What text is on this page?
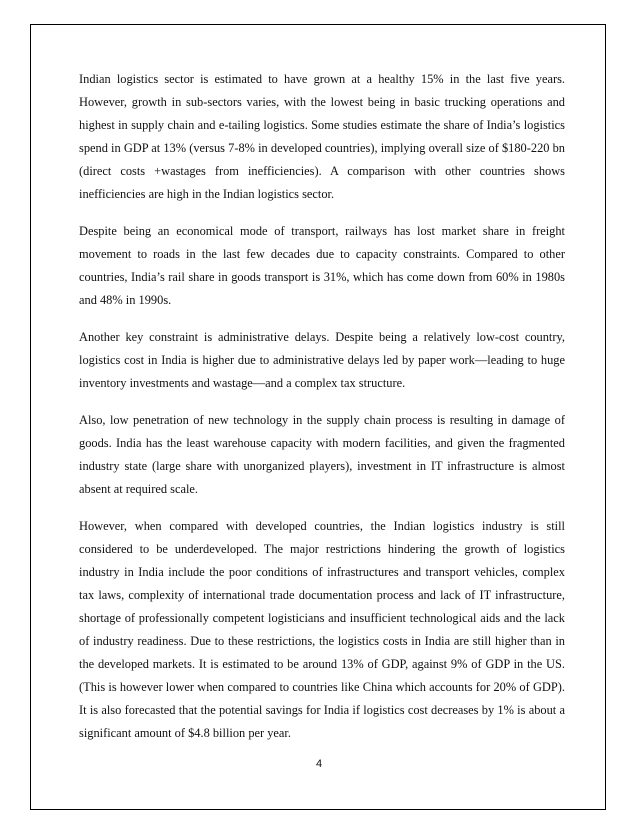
Indian logistics sector is estimated to have grown at a healthy 15% in the last five years. However, growth in sub-sectors varies, with the lowest being in basic trucking operations and highest in supply chain and e-tailing logistics. Some studies estimate the share of India’s logistics spend in GDP at 13% (versus 7-8% in developed countries), implying overall size of $180-220 bn (direct costs +wastages from inefficiencies). A comparison with other countries shows inefficiencies are high in the Indian logistics sector.

Despite being an economical mode of transport, railways has lost market share in freight movement to roads in the last few decades due to capacity constraints. Compared to other countries, India’s rail share in goods transport is 31%, which has come down from 60% in 1980s and 48% in 1990s.

Another key constraint is administrative delays. Despite being a relatively low-cost country, logistics cost in India is higher due to administrative delays led by paper work—leading to huge inventory investments and wastage—and a complex tax structure.

Also, low penetration of new technology in the supply chain process is resulting in damage of goods. India has the least warehouse capacity with modern facilities, and given the fragmented industry state (large share with unorganized players), investment in IT infrastructure is almost absent at required scale.

However, when compared with developed countries, the Indian logistics industry is still considered to be underdeveloped. The major restrictions hindering the growth of logistics industry in India include the poor conditions of infrastructures and transport vehicles, complex tax laws, complexity of international trade documentation process and lack of IT infrastructure, shortage of professionally competent logisticians and insufficient technological aids and the lack of industry readiness. Due to these restrictions, the logistics costs in India are still higher than in the developed markets. It is estimated to be around 13% of GDP, against 9% of GDP in the US. (This is however lower when compared to countries like China which accounts for 20% of GDP). It is also forecasted that the potential savings for India if logistics cost decreases by 1% is about a significant amount of $4.8 billion per year.

4
